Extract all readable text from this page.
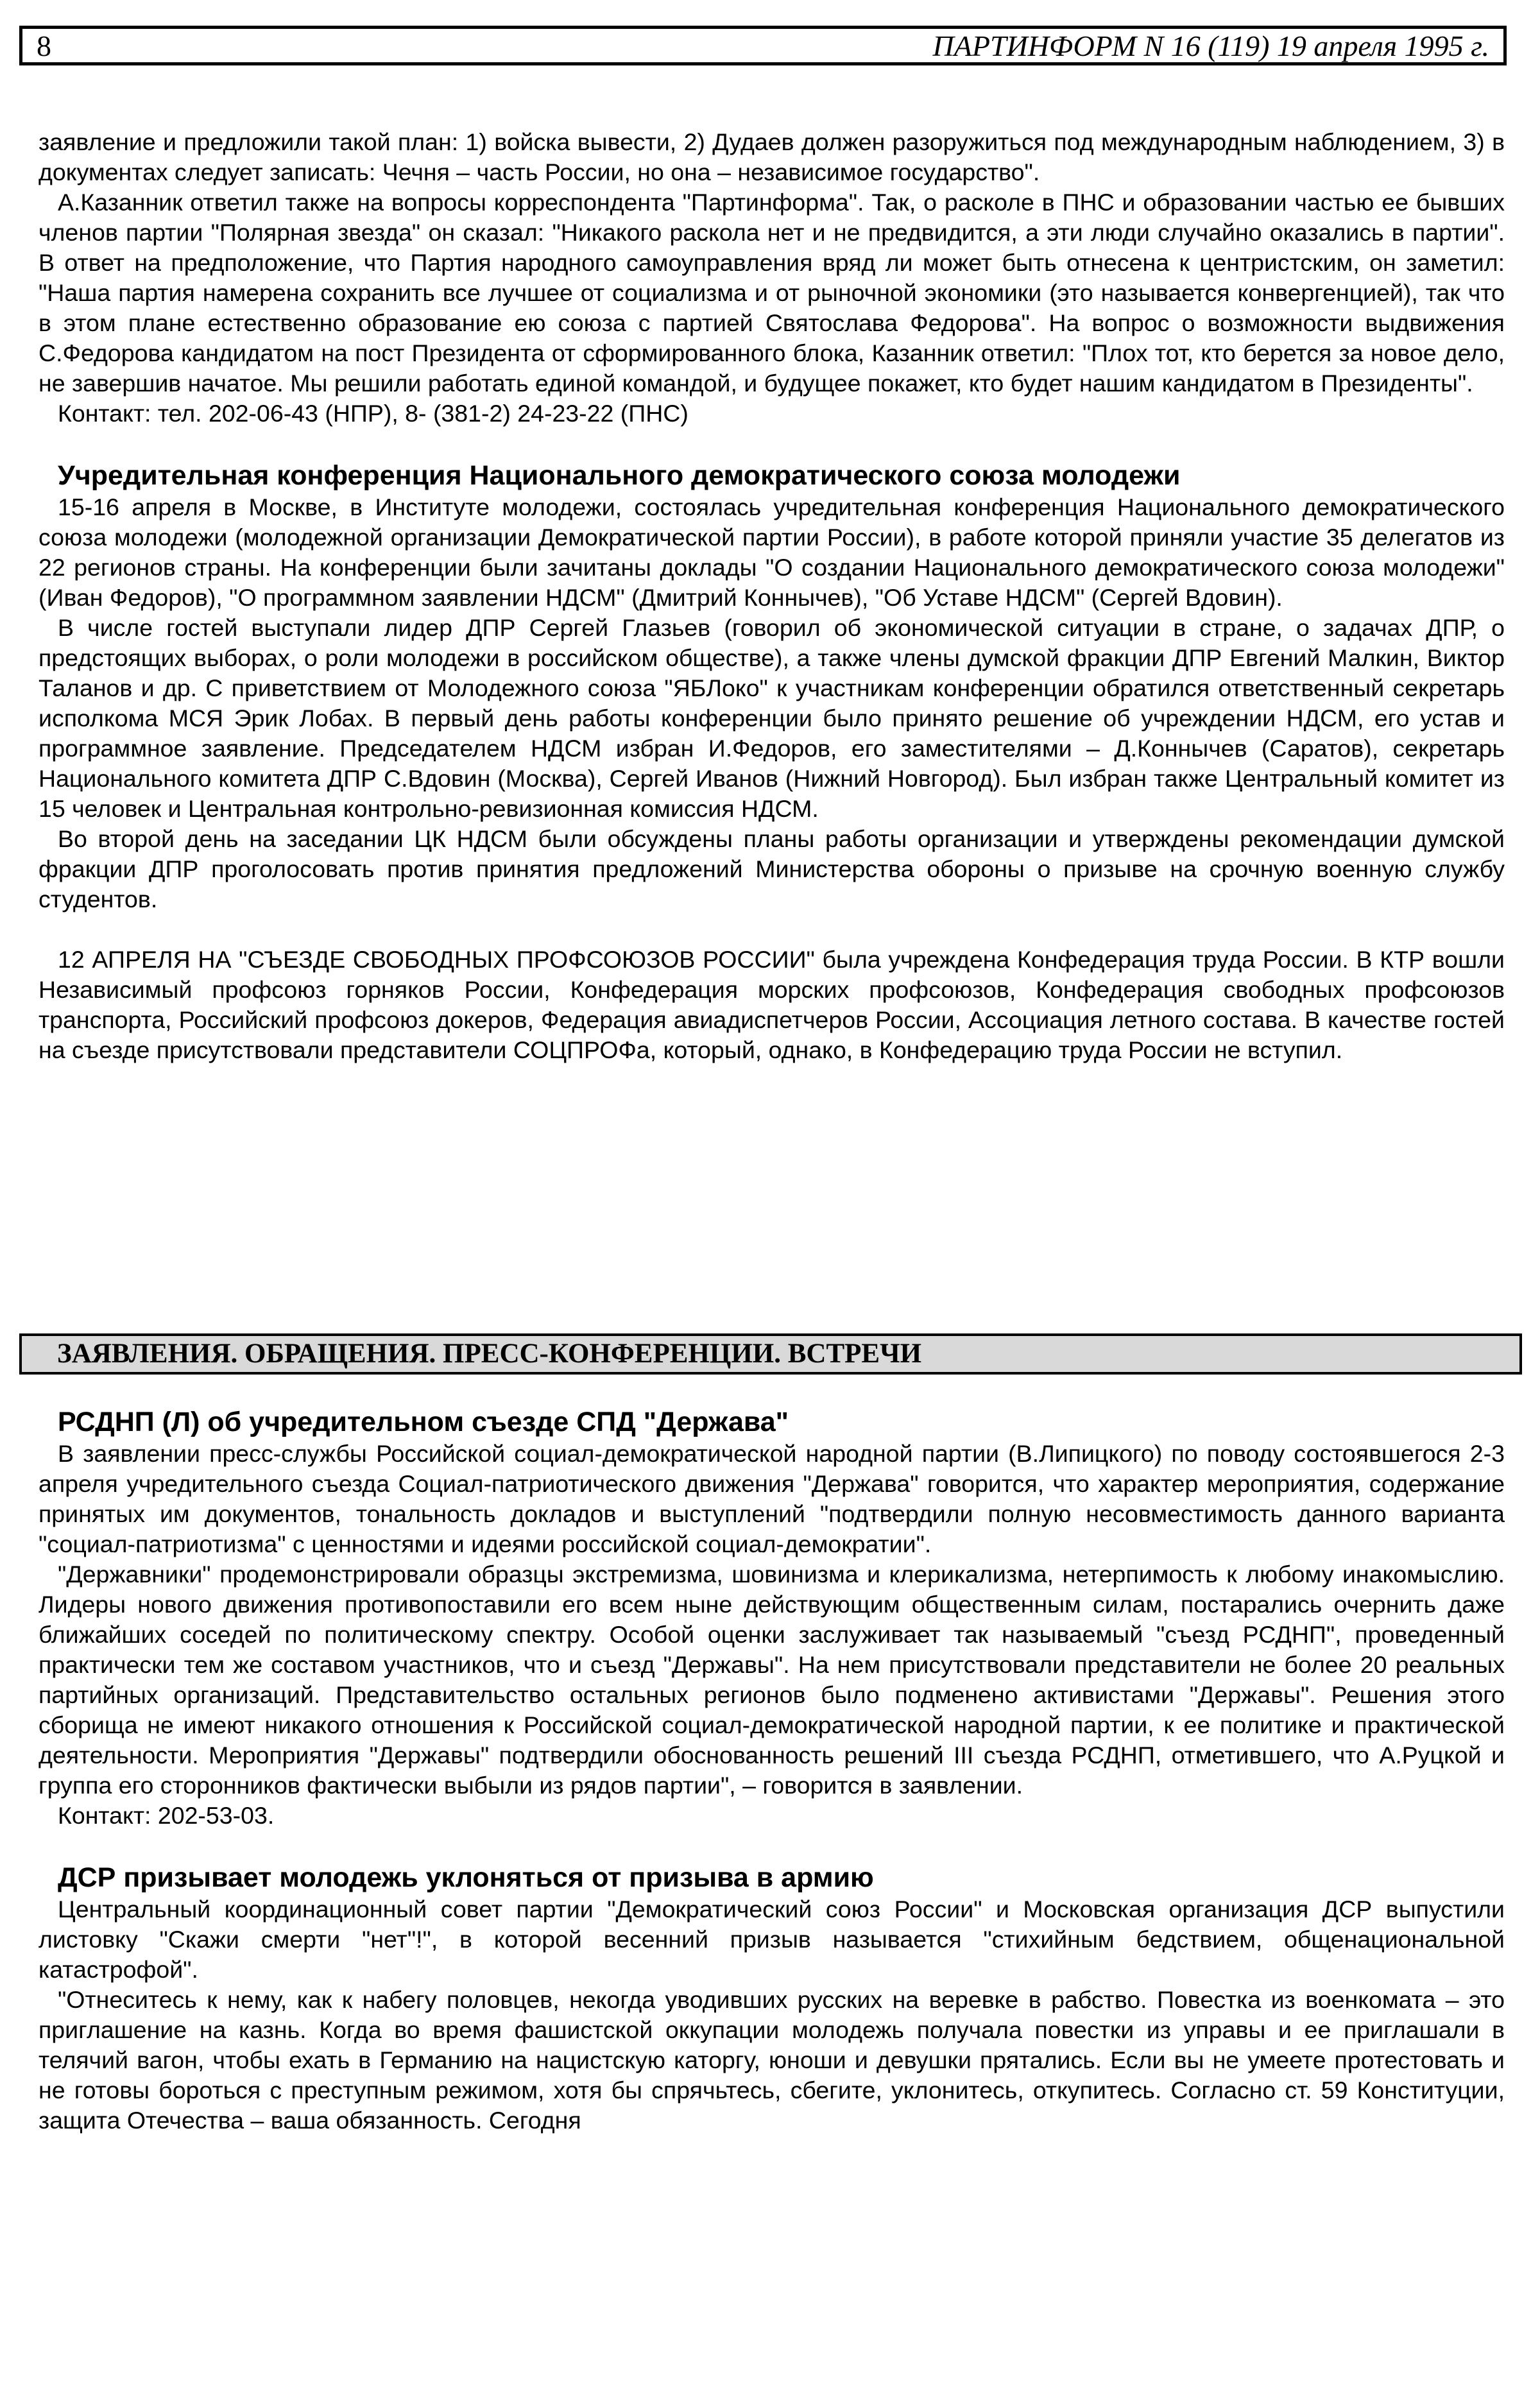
8	ПАРТИНФОРМ N 16 (119) 19 апреля 1995 г.

заявление и предложили такой план: 1) войска вывести, 2) Дудаев должен разоружиться под международным наблюдением, 3) в документах следует записать: Чечня – часть России, но она – независимое государство".

А.Казанник ответил также на вопросы корреспондента "Партинформа". Так, о расколе в ПНС и образовании частью ее бывших членов партии "Полярная звезда" он сказал: "Никакого раскола нет и не предвидится, а эти люди случайно оказались в партии". В ответ на предположение, что Партия народного самоуправления вряд ли может быть отнесена к центристским, он заметил: "Наша партия намерена сохранить все лучшее от социализма и от рыночной экономики (это называется конвергенцией), так что в этом плане естественно образование ею союза с партией Святослава Федорова". На вопрос о возможности выдвижения С.Федорова кандидатом на пост Президента от сформированного блока, Казанник ответил: "Плох тот, кто берется за новое дело, не завершив начатое. Мы решили работать единой командой, и будущее покажет, кто будет нашим кандидатом в Президенты".

Контакт: тел. 202-06-43 (НПР), 8- (381-2) 24-23-22 (ПНС)

Учредительная конференция Национального демократического союза молодежи

15-16 апреля в Москве, в Институте молодежи, состоялась учредительная конференция Национального демократического союза молодежи (молодежной организации Демократической партии России), в работе которой приняли участие 35 делегатов из 22 регионов страны. На конференции были зачитаны доклады "О создании Национального демократического союза молодежи" (Иван Федоров), "О программном заявлении НДСМ" (Дмитрий Коннычев), "Об Уставе НДСМ" (Сергей Вдовин).

В числе гостей выступали лидер ДПР Сергей Глазьев (говорил об экономической ситуации в стране, о задачах ДПР, о предстоящих выборах, о роли молодежи в российском обществе), а также члены думской фракции ДПР Евгений Малкин, Виктор Таланов и др. С приветствием от Молодежного союза "ЯБЛоко" к участникам конференции обратился ответственный секретарь исполкома МСЯ Эрик Лобах. В первый день работы конференции было принято решение об учреждении НДСМ, его устав и программное заявление. Председателем НДСМ избран И.Федоров, его заместителями – Д.Коннычев (Саратов), секретарь Национального комитета ДПР С.Вдовин (Москва), Сергей Иванов (Нижний Новгород). Был избран также Центральный комитет из 15 человек и Центральная контрольно-ревизионная комиссия НДСМ.

Во второй день на заседании ЦК НДСМ были обсуждены планы работы организации и утверждены рекомендации думской фракции ДПР проголосовать против принятия предложений Министерства обороны о призыве на срочную военную службу студентов.

12 АПРЕЛЯ НА "СЪЕЗДЕ СВОБОДНЫХ ПРОФСОЮЗОВ РОССИИ" была учреждена Конфедерация труда России. В КТР вошли Независимый профсоюз горняков России, Конфедерация морских профсоюзов, Конфедерация свободных профсоюзов транспорта, Российский профсоюз докеров, Федерация авиадиспетчеров России, Ассоциация летного состава. В качестве гостей на съезде присутствовали представители СОЦПРОФа, который, однако, в Конфедерацию труда России не вступил.

ЗАЯВЛЕНИЯ. ОБРАЩЕНИЯ. ПРЕСС-КОНФЕРЕНЦИИ. ВСТРЕЧИ
РСДНП (Л) об учредительном съезде СПД "Держава"

В заявлении пресс-службы Российской социал-демократической народной партии (В.Липицкого) по поводу состоявшегося 2-3 апреля учредительного съезда Социал-патриотического движения "Держава" говорится, что характер мероприятия, содержание принятых им документов, тональность докладов и выступлений "подтвердили полную несовместимость данного варианта "социал-патриотизма" с ценностями и идеями российской социал-демократии".

"Державники" продемонстрировали образцы экстремизма, шовинизма и клерикализма, нетерпимость к любому инакомыслию. Лидеры нового движения противопоставили его всем ныне действующим общественным силам, постарались очернить даже ближайших соседей по политическому спектру. Особой оценки заслуживает так называемый "съезд РСДНП", проведенный практически тем же составом участников, что и съезд "Державы". На нем присутствовали представители не более 20 реальных партийных организаций. Представительство остальных регионов было подменено активистами "Державы". Решения этого сборища не имеют никакого отношения к Российской социал-демократической народной партии, к ее политике и практической деятельности. Мероприятия "Державы" подтвердили обоснованность решений III съезда РСДНП, отметившего, что А.Руцкой и группа его сторонников фактически выбыли из рядов партии", – говорится в заявлении.

Контакт: 202-53-03.

ДСР призывает молодежь уклоняться от призыва в армию

Центральный координационный совет партии "Демократический союз России" и Московская организация ДСР выпустили листовку "Скажи смерти "нет"!", в которой весенний призыв называется "стихийным бедствием, общенациональной катастрофой".

"Отнеситесь к нему, как к набегу половцев, некогда уводивших русских на веревке в рабство. Повестка из военкомата – это приглашение на казнь. Когда во время фашистской оккупации молодежь получала повестки из управы и ее приглашали в телячий вагон, чтобы ехать в Германию на нацистскую каторгу, юноши и девушки прятались. Если вы не умеете протестовать и не готовы бороться с преступным режимом, хотя бы спрячьтесь, сбегите, уклонитесь, откупитесь. Согласно ст. 59 Конституции, защита Отечества – ваша обязанность. Сегодня
